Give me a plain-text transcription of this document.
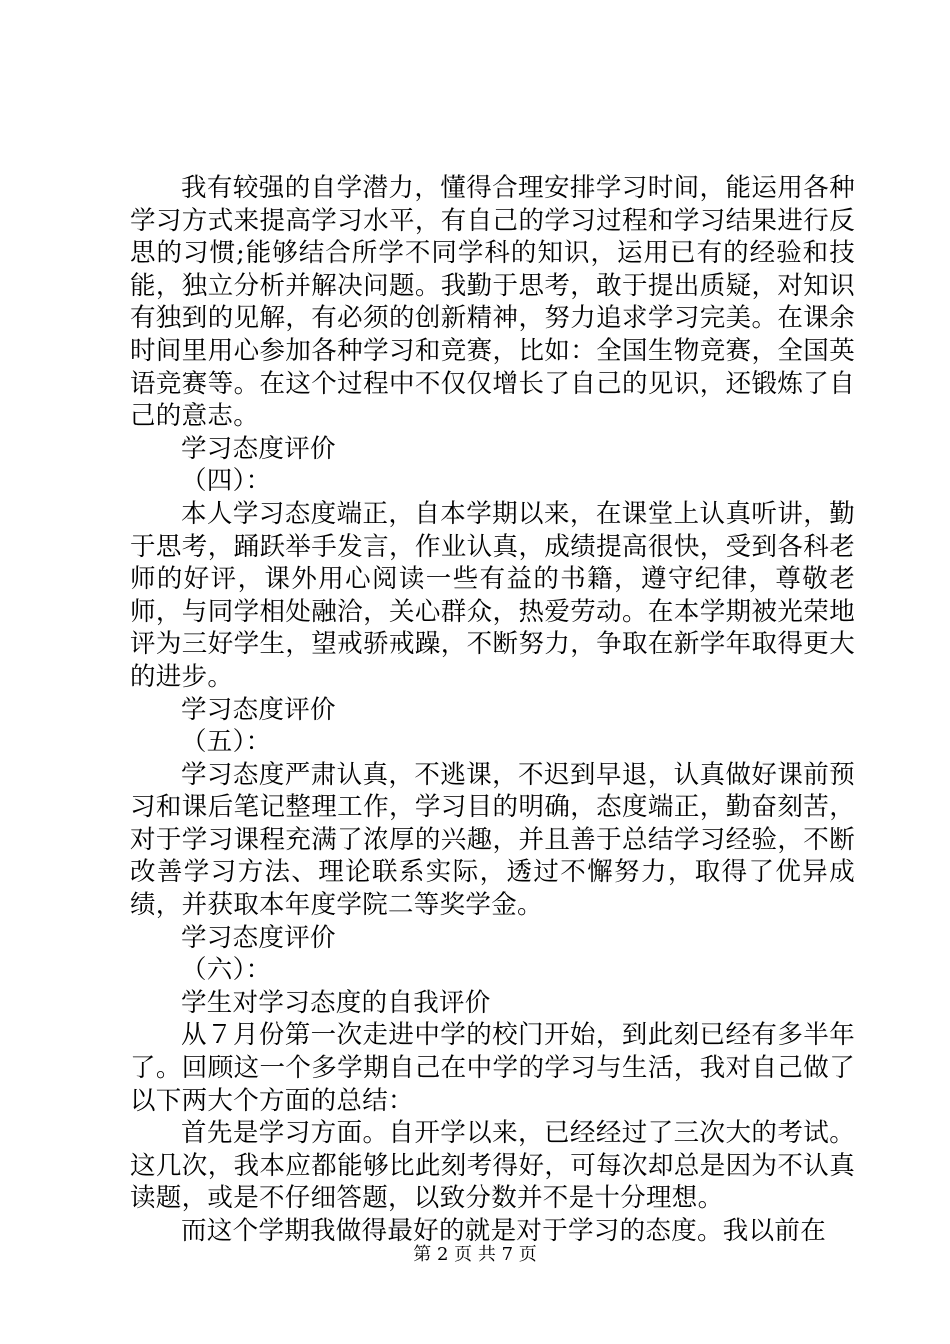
我有较强的自学潜力，懂得合理安排学习时间，能运用各种学习方式来提高学习水平，有自己的学习过程和学习结果进行反思的习惯;能够结合所学不同学科的知识，运用已有的经验和技能，独立分析并解决问题。我勤于思考，敢于提出质疑，对知识有独到的见解，有必须的创新精神，努力追求学习完美。在课余时间里用心参加各种学习和竞赛，比如：全国生物竞赛，全国英语竞赛等。在这个过程中不仅仅增长了自己的见识，还锻炼了自己的意志。

学习态度评价

（四）：

本人学习态度端正，自本学期以来，在课堂上认真听讲，勤于思考，踊跃举手发言，作业认真，成绩提高很快，受到各科老师的好评，课外用心阅读一些有益的书籍，遵守纪律，尊敬老师，与同学相处融洽，关心群众，热爱劳动。在本学期被光荣地评为三好学生，望戒骄戒躁，不断努力，争取在新学年取得更大的进步。

学习态度评价

（五）：

学习态度严肃认真，不逃课，不迟到早退，认真做好课前预习和课后笔记整理工作，学习目的明确，态度端正，勤奋刻苦，对于学习课程充满了浓厚的兴趣，并且善于总结学习经验，不断改善学习方法、理论联系实际，透过不懈努力，取得了优异成绩，并获取本年度学院二等奖学金。

学习态度评价

（六）：

学生对学习态度的自我评价

从７月份第一次走进中学的校门开始，到此刻已经有多半年了。回顾这一个多学期自己在中学的学习与生活，我对自己做了以下两大个方面的总结：

首先是学习方面。自开学以来，已经经过了三次大的考试。这几次，我本应都能够比此刻考得好，可每次却总是因为不认真读题，或是不仔细答题，以致分数并不是十分理想。

而这个学期我做得最好的就是对于学习的态度。我以前在

第 2 页 共 7 页
